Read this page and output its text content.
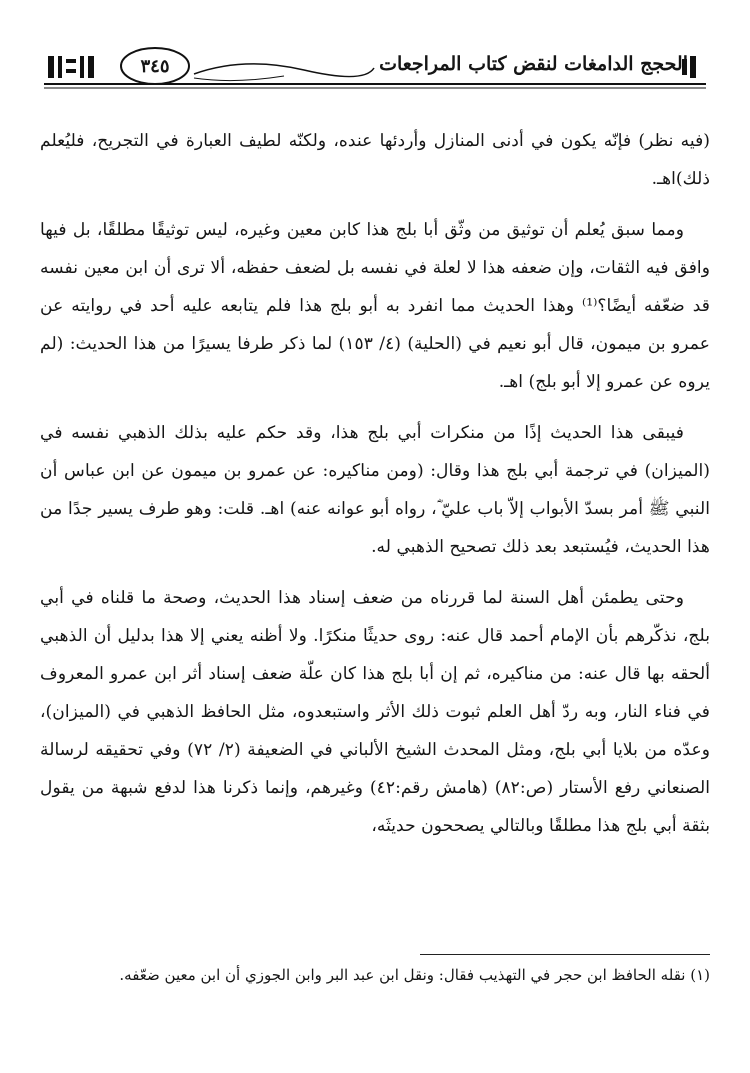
الحجج الدامغات لنقض كتاب المراجعات
٣٤٥

(فيه نظر) فإنّه يكون في أدنى المنازل وأردئها عنده، ولكنّه لطيف العبارة في التجريح، فليُعلم ذلك)اهـ.

ومما سبق يُعلم أن توثيق من وثّق أبا بلج هذا كابن معين وغيره، ليس توثيقًا مطلقًا، بل فيها وافق فيه الثقات، وإن ضعفه هذا لا لعلة في نفسه بل لضعف حفظه، ألا ترى أن ابن معين نفسه قد ضعّفه أيضًا؟⁽¹⁾ وهذا الحديث مما انفرد به أبو بلج هذا فلم يتابعه عليه أحد في روايته عن عمرو بن ميمون، قال أبو نعيم في (الحلية) (٤/ ١٥٣) لما ذكر طرفا يسيرًا من هذا الحديث: (لم يروه عن عمرو إلا أبو بلج) اهـ.

فيبقى هذا الحديث إذًا من منكرات أبي بلج هذا، وقد حكم عليه بذلك الذهبي نفسه في (الميزان) في ترجمة أبي بلج هذا وقال: (ومن مناكيره: عن عمرو بن ميمون عن ابن عباس أن النبي ﷺ أمر بسدّ الأبواب إلاّ باب عليّ ؓ، رواه أبو عوانه عنه) اهـ. قلت: وهو طرف يسير جدًا من هذا الحديث، فيُستبعد بعد ذلك تصحيح الذهبي له.

وحتى يطمئن أهل السنة لما قررناه من ضعف إسناد هذا الحديث، وصحة ما قلناه في أبي بلج، نذكّرهم بأن الإمام أحمد قال عنه: روى حديثًا منكرًا. ولا أظنه يعني إلا هذا بدليل أن الذهبي ألحقه بها قال عنه: من مناكيره، ثم إن أبا بلج هذا كان علّة ضعف إسناد أثر ابن عمرو المعروف في فناء النار، وبه ردّ أهل العلم ثبوت ذلك الأثر واستبعدوه، مثل الحافظ الذهبي في (الميزان)، وعدّه من بلايا أبي بلج، ومثل المحدث الشيخ الألباني في الضعيفة (٢/ ٧٢) وفي تحقيقه لرسالة الصنعاني رفع الأستار (ص:٨٢) (هامش رقم:٤٢) وغيرهم، وإنما ذكرنا هذا لدفع شبهة من يقول بثقة أبي بلج هذا مطلقًا وبالتالي يصححون حديثَه،

(١) نقله الحافظ ابن حجر في التهذيب فقال: ونقل ابن عبد البر وابن الجوزي أن ابن معين ضعّفه.
